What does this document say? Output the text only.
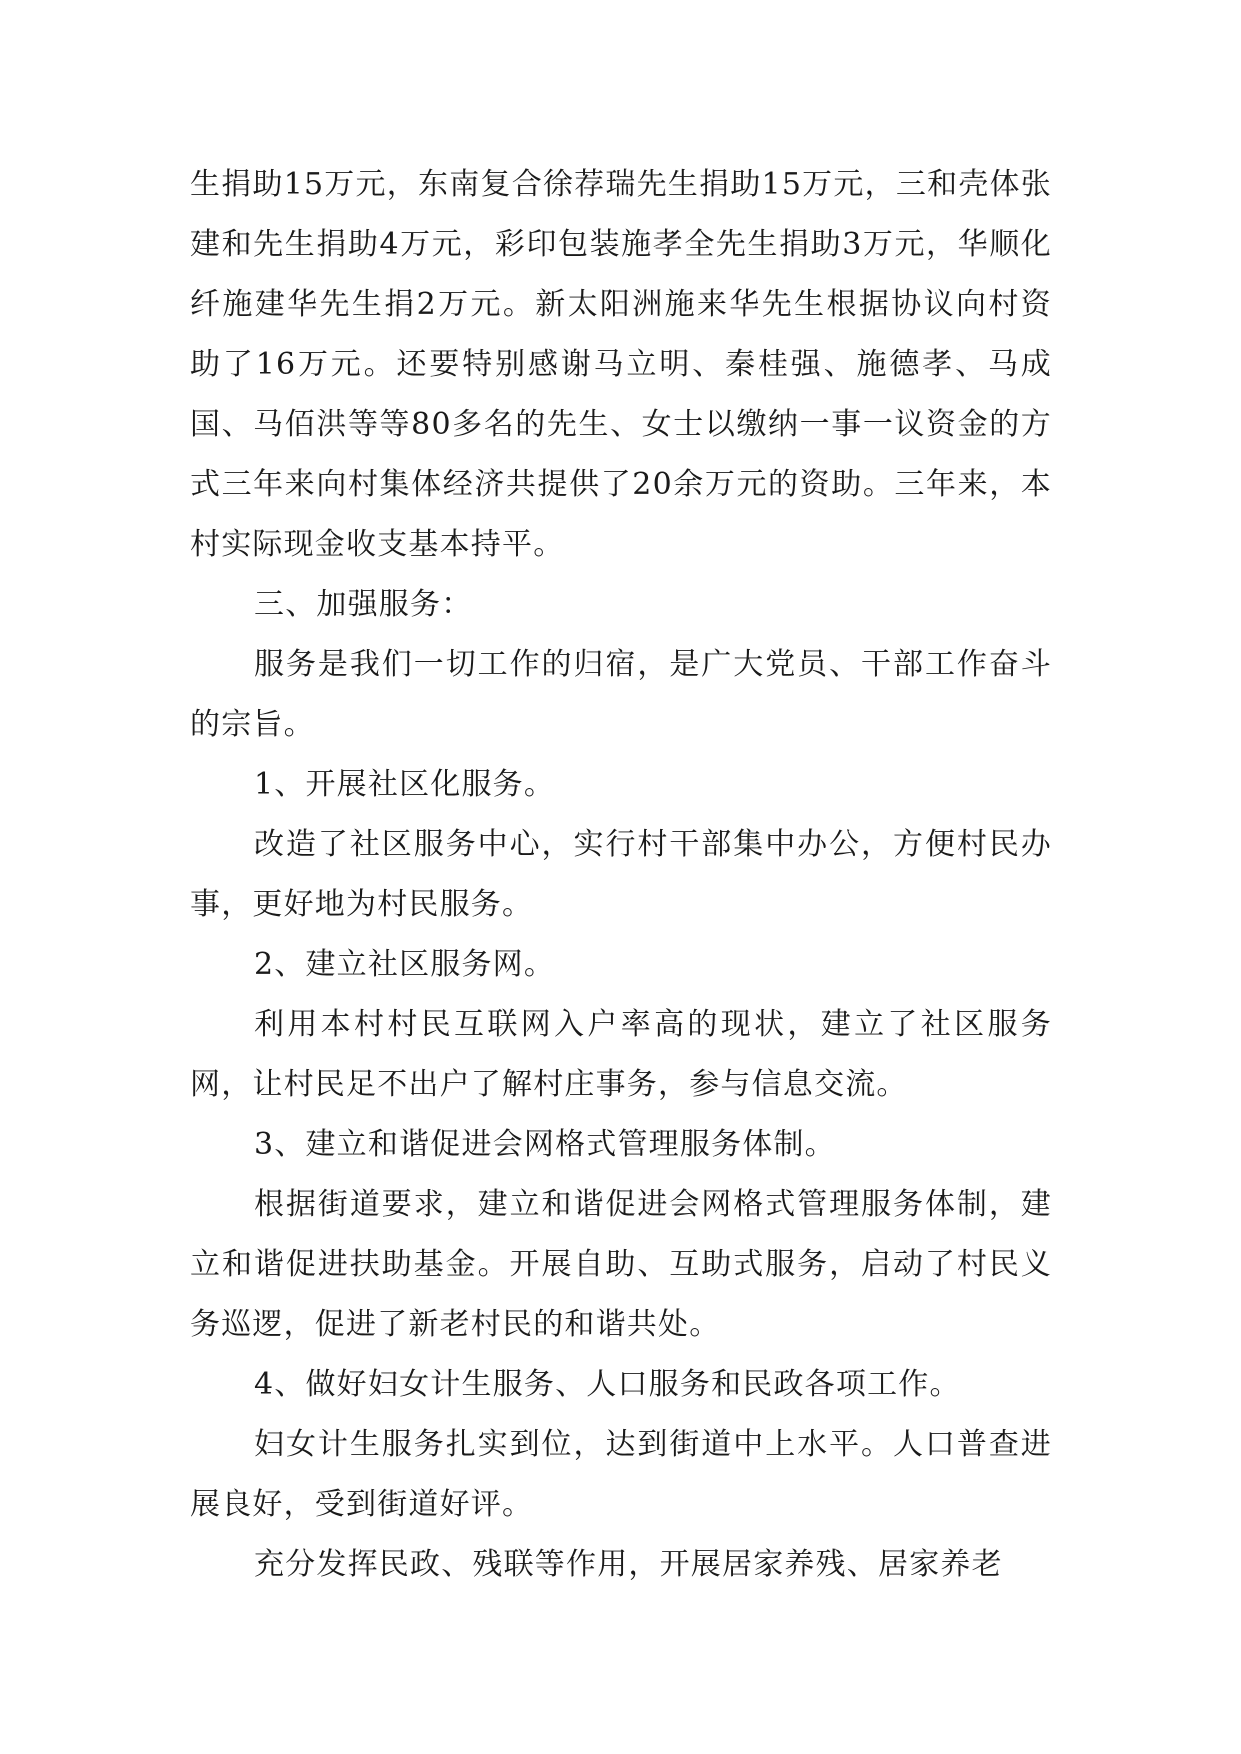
生捐助15万元，东南复合徐荐瑞先生捐助15万元，三和壳体张建和先生捐助4万元，彩印包装施孝全先生捐助3万元，华顺化纤施建华先生捐2万元。新太阳洲施来华先生根据协议向村资助了16万元。还要特别感谢马立明、秦桂强、施德孝、马成国、马佰洪等等80多名的先生、女士以缴纳一事一议资金的方式三年来向村集体经济共提供了20余万元的资助。三年来，本村实际现金收支基本持平。

三、加强服务：

服务是我们一切工作的归宿，是广大党员、干部工作奋斗的宗旨。

1、开展社区化服务。

改造了社区服务中心，实行村干部集中办公，方便村民办事，更好地为村民服务。

2、建立社区服务网。

利用本村村民互联网入户率高的现状，建立了社区服务网，让村民足不出户了解村庄事务，参与信息交流。

3、建立和谐促进会网格式管理服务体制。

根据街道要求，建立和谐促进会网格式管理服务体制，建立和谐促进扶助基金。开展自助、互助式服务，启动了村民义务巡逻，促进了新老村民的和谐共处。

4、做好妇女计生服务、人口服务和民政各项工作。

妇女计生服务扎实到位，达到街道中上水平。人口普查进展良好，受到街道好评。

充分发挥民政、残联等作用，开展居家养残、居家养老
